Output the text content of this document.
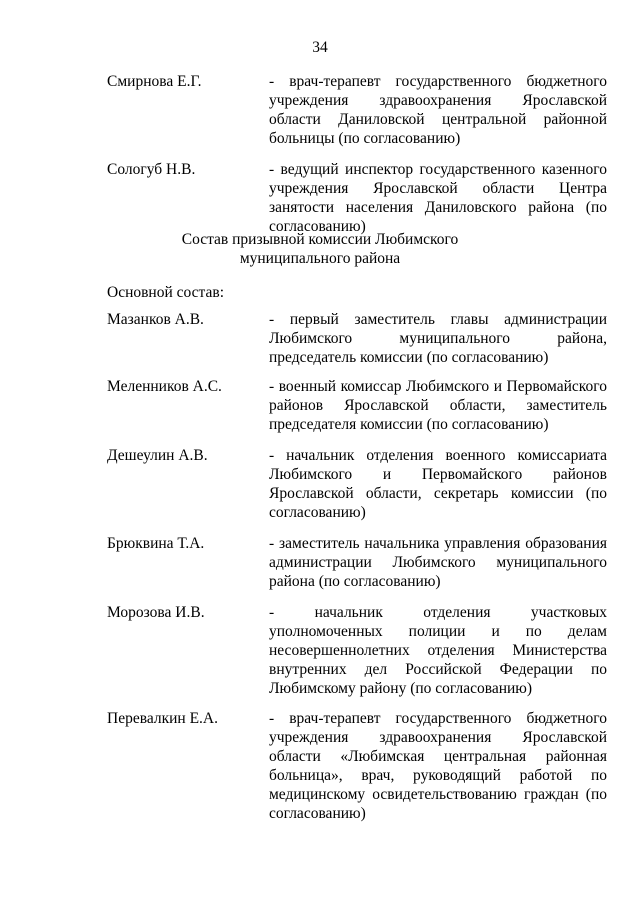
34
Смирнова Е.Г.	- врач-терапевт государственного бюджетного учреждения здравоохранения Ярославской области Даниловской центральной районной больницы (по согласованию)
Сологуб Н.В.	- ведущий инспектор государственного казенного учреждения Ярославской области Центра занятости населения Даниловского района (по согласованию)
Состав призывной комиссии Любимского
муниципального района
Основной состав:
Мазанков А.В.	- первый заместитель главы администрации Любимского муниципального района, председатель комиссии (по согласованию)
Меленников А.С.	- военный комиссар Любимского и Первомайского районов Ярославской области, заместитель председателя комиссии (по согласованию)
Дешеулин А.В.	- начальник отделения военного комиссариата Любимского и Первомайского районов Ярославской области, секретарь комиссии (по согласованию)
Брюквина Т.А.	- заместитель начальника управления образования администрации Любимского муниципального района (по согласованию)
Морозова И.В.	- начальник отделения участковых уполномоченных полиции и по делам несовершеннолетних отделения Министерства внутренних дел Российской Федерации по Любимскому району (по согласованию)
Перевалкин Е.А.	- врач-терапевт государственного бюджетного учреждения здравоохранения Ярославской области «Любимская центральная районная больница», врач, руководящий работой по медицинскому освидетельствованию граждан (по согласованию)
